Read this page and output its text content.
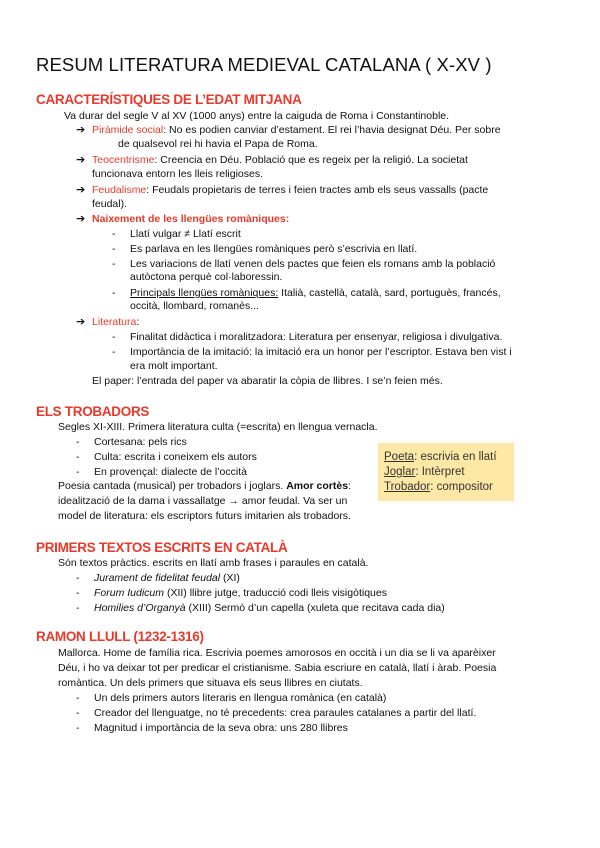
RESUM LITERATURA MEDIEVAL CATALANA ( X-XV )
CARACTERÍSTIQUES DE L’EDAT MITJANA
Va durar del segle V al XV (1000 anys) entre la caiguda de Roma i Constantinoble.
➔ Piràmide social: No es podien canviar d’estament. El rei l’havia designat Déu. Per sobre
de qualsevol rei hi havia el Papa de Roma.
➔ Teocentrisme: Creencia en Déu. Població que es regeix per la religió. La societat
funcionava entorn les lleis religioses.
➔ Feudalisme: Feudals propietaris de terres i feien tractes amb els seus vassalls (pacte
feudal).
➔ Naixement de les llengües romàniques:
- Llatí vulgar ≠ Llatí escrit
- Es parlava en les llengües romàniques però s’escrivia en llatí.
- Les variacions de llatí venen dels pactes que feien els romans amb la població
autòctona perquè col·laboressin.
- Principals llengües romàniques: Italià, castellà, català, sard, portuguès, francés,
occità, llombard, romanès...
➔ Literatura:
- Finalitat didàctica i moralitzadora: Literatura per ensenyar, religiosa i divulgativa.
- Importància de la imitació: la imitació era un honor per l’escriptor. Estava ben vist i
era molt important.
El paper: l’entrada del paper va abaratir la còpia de llibres. I se’n feien més.
ELS TROBADORS
Segles XI-XIII. Primera literatura culta (=escrita) en llengua vernacla.
- Cortesana: pels rics
- Culta: escrita i coneixem els autors
- En provençal: dialecte de l’occità
Poesia cantada (musical) per trobadors i joglars. Amor cortès:
idealització de la dama i vassallatge → amor feudal. Va ser un
model de literatura: els escriptors futurs imitarien als trobadors.
Poeta: escrivia en llatí
Joglar: Intèrpret
Trobador: compositor
PRIMERS TEXTOS ESCRITS EN CATALÀ
Són textos pràctics. escrits en llatí amb frases i paraules en català.
- Jurament de fidelitat feudal (XI)
- Forum Iudicum (XII) llibre jutge, traducció codi lleis visigòtiques
- Homilies d’Organyà (XIII) Sermó d’un capella (xuleta que recitava cada dia)
RAMON LLULL (1232-1316)
Mallorca. Home de família rica. Escrivia poemes amorosos en occità i un dia se li va aparèixer
Déu, i ho va deixar tot per predicar el cristianisme. Sabia escriure en català, llatí i àrab. Poesia
romàntica. Un dels primers que situava els seus llibres en ciutats.
- Un dels primers autors literaris en llengua romànica (en català)
- Creador del llenguatge, no té precedents: crea paraules catalanes a partir del llatí.
- Magnitud i importància de la seva obra: uns 280 llibres
